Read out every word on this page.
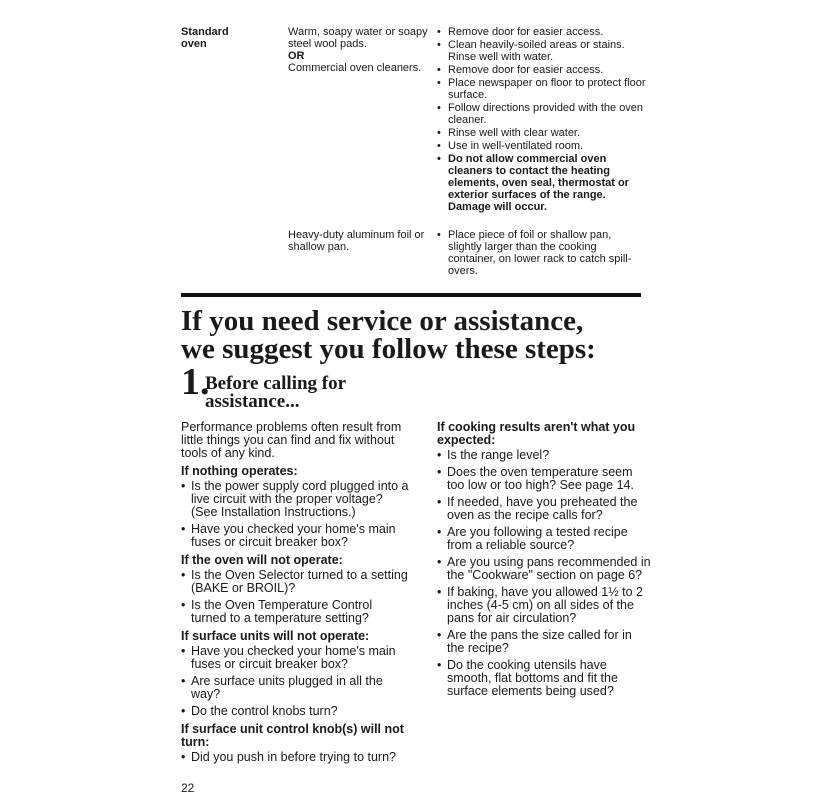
Standard oven
Warm, soapy water or soapy steel wool pads.
OR
Commercial oven cleaners.
• Remove door for easier access.
• Clean heavily-soiled areas or stains. Rinse well with water.
• Remove door for easier access.
• Place newspaper on floor to protect floor surface.
• Follow directions provided with the oven cleaner.
• Rinse well with clear water.
• Use in well-ventilated room.
• Do not allow commercial oven cleaners to contact the heating elements, oven seal, thermostat or exterior surfaces of the range. Damage will occur.
Heavy-duty aluminum foil or shallow pan.
• Place piece of foil or shallow pan, slightly larger than the cooking container, on lower rack to catch spill-overs.
If you need service or assistance,
we suggest you follow these steps:
1.
Before calling for
assistance...

Performance problems often result from little things you can find and fix without tools of any kind.

If nothing operates:
• Is the power supply cord plugged into a live circuit with the proper voltage? (See Installation Instructions.)
• Have you checked your home's main fuses or circuit breaker box?
If the oven will not operate:
• Is the Oven Selector turned to a setting (BAKE or BROIL)?
• Is the Oven Temperature Control turned to a temperature setting?
If surface units will not operate:
• Have you checked your home's main fuses or circuit breaker box?
• Are surface units plugged in all the way?
• Do the control knobs turn?
If surface unit control knob(s) will not turn:
• Did you push in before trying to turn?
If cooking results aren't what you expected:
• Is the range level?
• Does the oven temperature seem too low or too high? See page 14.
• If needed, have you preheated the oven as the recipe calls for?
• Are you following a tested recipe from a reliable source?
• Are you using pans recommended in the "Cookware" section on page 6?
• If baking, have you allowed 1½ to 2 inches (4-5 cm) on all sides of the pans for air circulation?
• Are the pans the size called for in the recipe?
• Do the cooking utensils have smooth, flat bottoms and fit the surface elements being used?
22
